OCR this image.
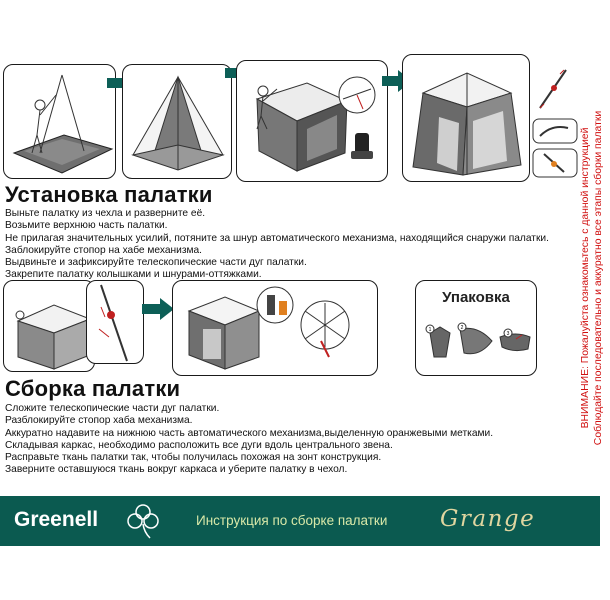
Установка палатки
Выньте палатку из чехла и разверните её.
Возьмите верхнюю часть палатки.
Не прилагая значительных усилий, потяните за шнур автоматического механизма, находящийся снаружи палатки.
Заблокируйте стопор на хабе механизма.
Выдвиньте и зафиксируйте телескопические части дуг палатки.
Закрепите палатку колышками и шнурами-оттяжками.
Упаковка
1	2
3
Сборка палатки
Сложите телескопические части дуг палатки.
Разблокируйте стопор хаба механизма.
Аккуратно надавите на нижнюю часть автоматического механизма,выделенную оранжевыми метками.
Складывая каркас, необходимо расположить все дуги вдоль центрального звена.
Расправьте ткань палатки так, чтобы получилась похожая на зонт конструкция.
Заверните оставшуюся ткань вокруг каркаса и уберите палатку в чехол.
ВНИМАНИЕ: Пожалуйста ознакомьтесь с данной инструкцией Соблюдайте последовательно и аккуратно все этапы сборки палатки
Greenell	Инструкция по сборке палатки Grange
